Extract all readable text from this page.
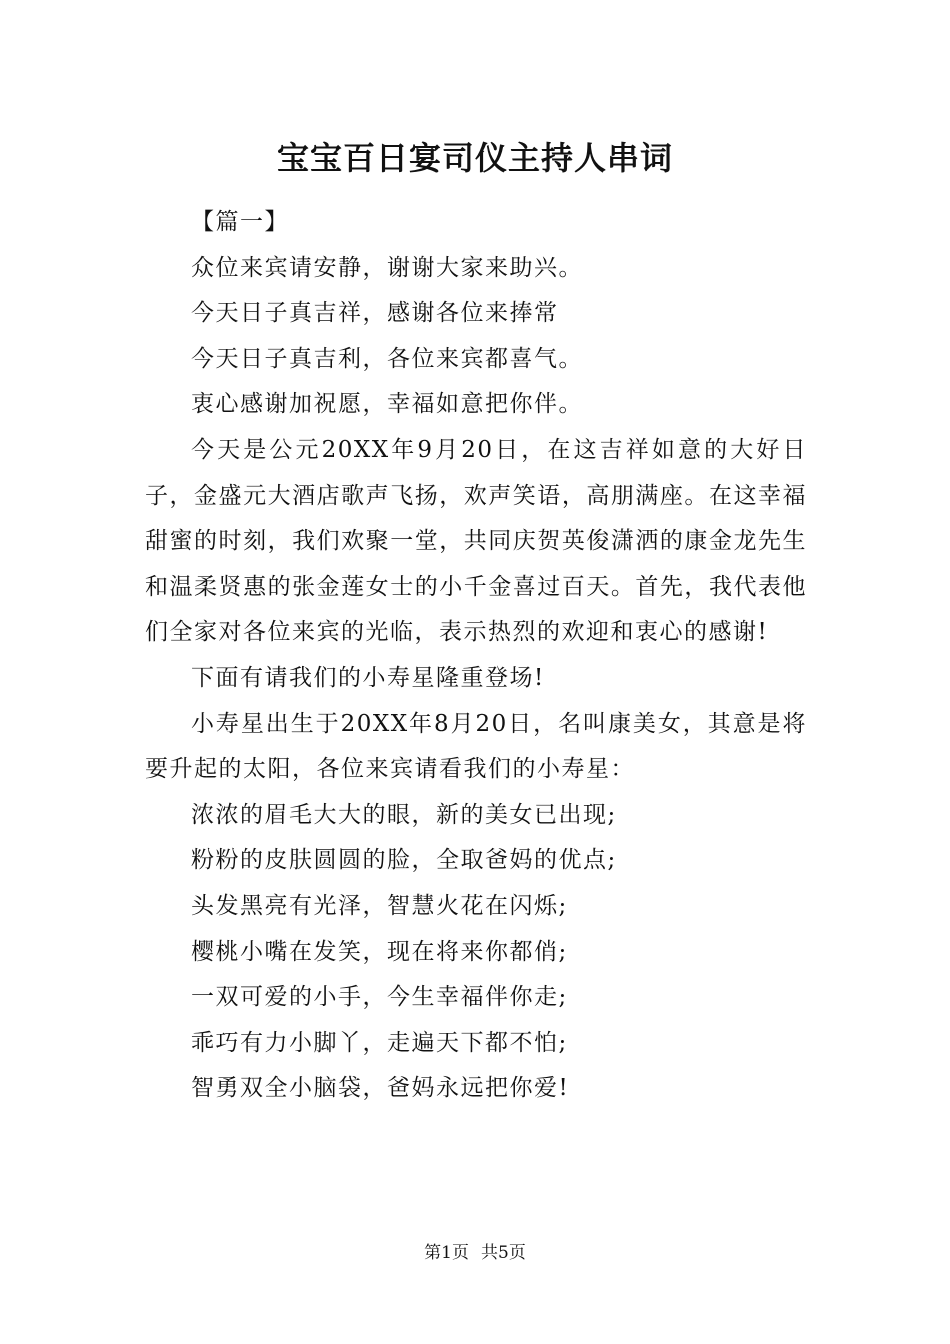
宝宝百日宴司仪主持人串词

【篇一】

众位来宾请安静，谢谢大家来助兴。

今天日子真吉祥，感谢各位来捧常

今天日子真吉利，各位来宾都喜气。

衷心感谢加祝愿，幸福如意把你伴。

今天是公元20XX年9月20日，在这吉祥如意的大好日子，金盛元大酒店歌声飞扬，欢声笑语，高朋满座。在这幸福甜蜜的时刻，我们欢聚一堂，共同庆贺英俊潇洒的康金龙先生和温柔贤惠的张金莲女士的小千金喜过百天。首先，我代表他们全家对各位来宾的光临，表示热烈的欢迎和衷心的感谢!

下面有请我们的小寿星隆重登场!

小寿星出生于20XX年8月20日，名叫康美女，其意是将要升起的太阳，各位来宾请看我们的小寿星：

浓浓的眉毛大大的眼，新的美女已出现;

粉粉的皮肤圆圆的脸，全取爸妈的优点;

头发黑亮有光泽，智慧火花在闪烁;

樱桃小嘴在发笑，现在将来你都俏;

一双可爱的小手，今生幸福伴你走;

乖巧有力小脚丫，走遍天下都不怕;

智勇双全小脑袋，爸妈永远把你爱!

第1页 共5页
